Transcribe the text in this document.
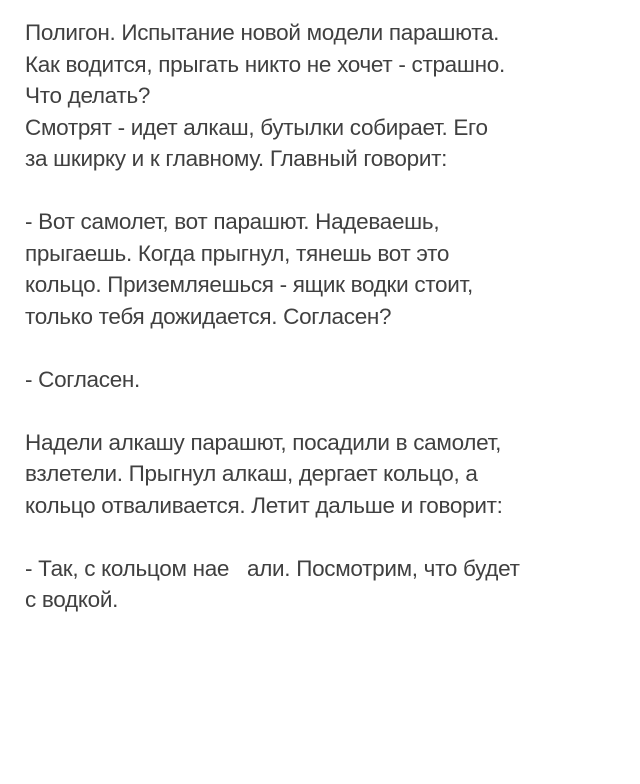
Полигон. Испытание новой модели парашюта.
Как водится, прыгать никто не хочет - страшно.
Что делать?
Смотрят - идет алкаш, бутылки собирает. Его
за шкирку и к главному. Главный говорит:
- Вот самолет, вот парашют. Надеваешь,
прыгаешь. Когда прыгнул, тянешь вот это
кольцо. Приземляешься - ящик водки стоит,
только тебя дожидается. Согласен?
- Согласен.
Надели алкашу парашют, посадили в самолет,
взлетели. Прыгнул алкаш, дергает кольцо, а
кольцо отваливается. Летит дальше и говорит:
- Так, с кольцом нае   али. Посмотрим, что будет
с водкой.
